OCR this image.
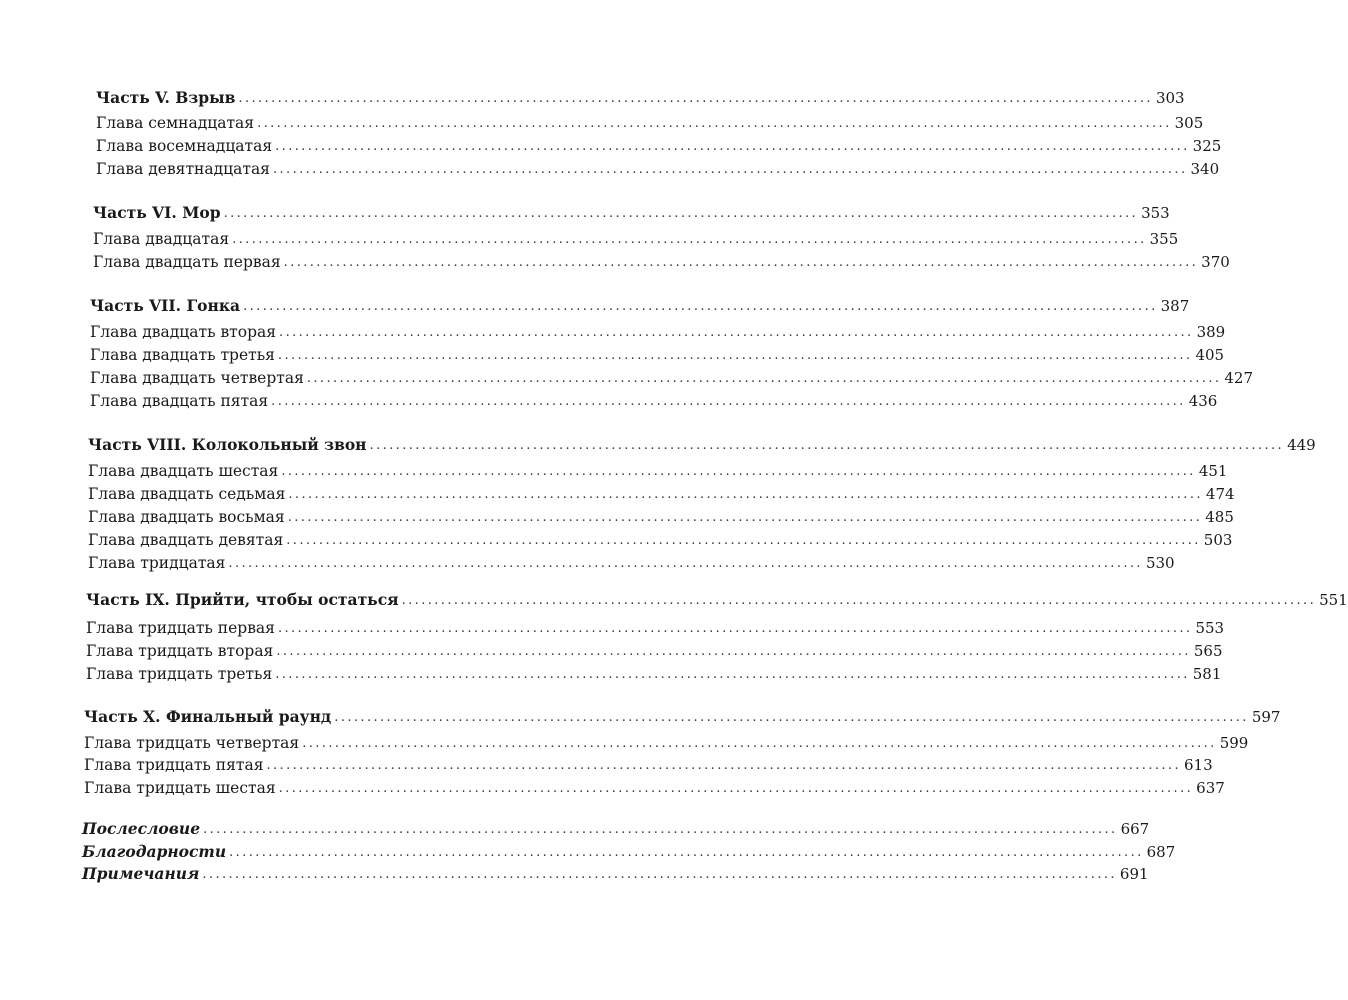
Часть V. Взрыв ............................................................................................................................................ 303
Глава семнадцатая ............................................................................................................................................ 305
Глава восемнадцатая ............................................................................................................................................ 325
Глава девятнадцатая ............................................................................................................................................ 340
Часть VI. Мор ............................................................................................................................................ 353
Глава двадцатая ............................................................................................................................................ 355
Глава двадцать первая ............................................................................................................................................ 370
Часть VII. Гонка ............................................................................................................................................ 387
Глава двадцать вторая ............................................................................................................................................ 389
Глава двадцать третья ............................................................................................................................................ 405
Глава двадцать четвертая ............................................................................................................................................ 427
Глава двадцать пятая ............................................................................................................................................ 436
Часть VIII. Колокольный звон ............................................................................................................................................ 449
Глава двадцать шестая ............................................................................................................................................ 451
Глава двадцать седьмая ............................................................................................................................................ 474
Глава двадцать восьмая ............................................................................................................................................ 485
Глава двадцать девятая ............................................................................................................................................ 503
Глава тридцатая ............................................................................................................................................ 530
Часть IX. Прийти, чтобы остаться ............................................................................................................................................ 551
Глава тридцать первая ............................................................................................................................................ 553
Глава тридцать вторая ............................................................................................................................................ 565
Глава тридцать третья ............................................................................................................................................ 581
Часть X. Финальный раунд ............................................................................................................................................ 597
Глава тридцать четвертая ............................................................................................................................................ 599
Глава тридцать пятая ............................................................................................................................................ 613
Глава тридцать шестая ............................................................................................................................................ 637
Послесловие ............................................................................................................................................ 667
Благодарности ............................................................................................................................................ 687
Примечания ............................................................................................................................................ 691
